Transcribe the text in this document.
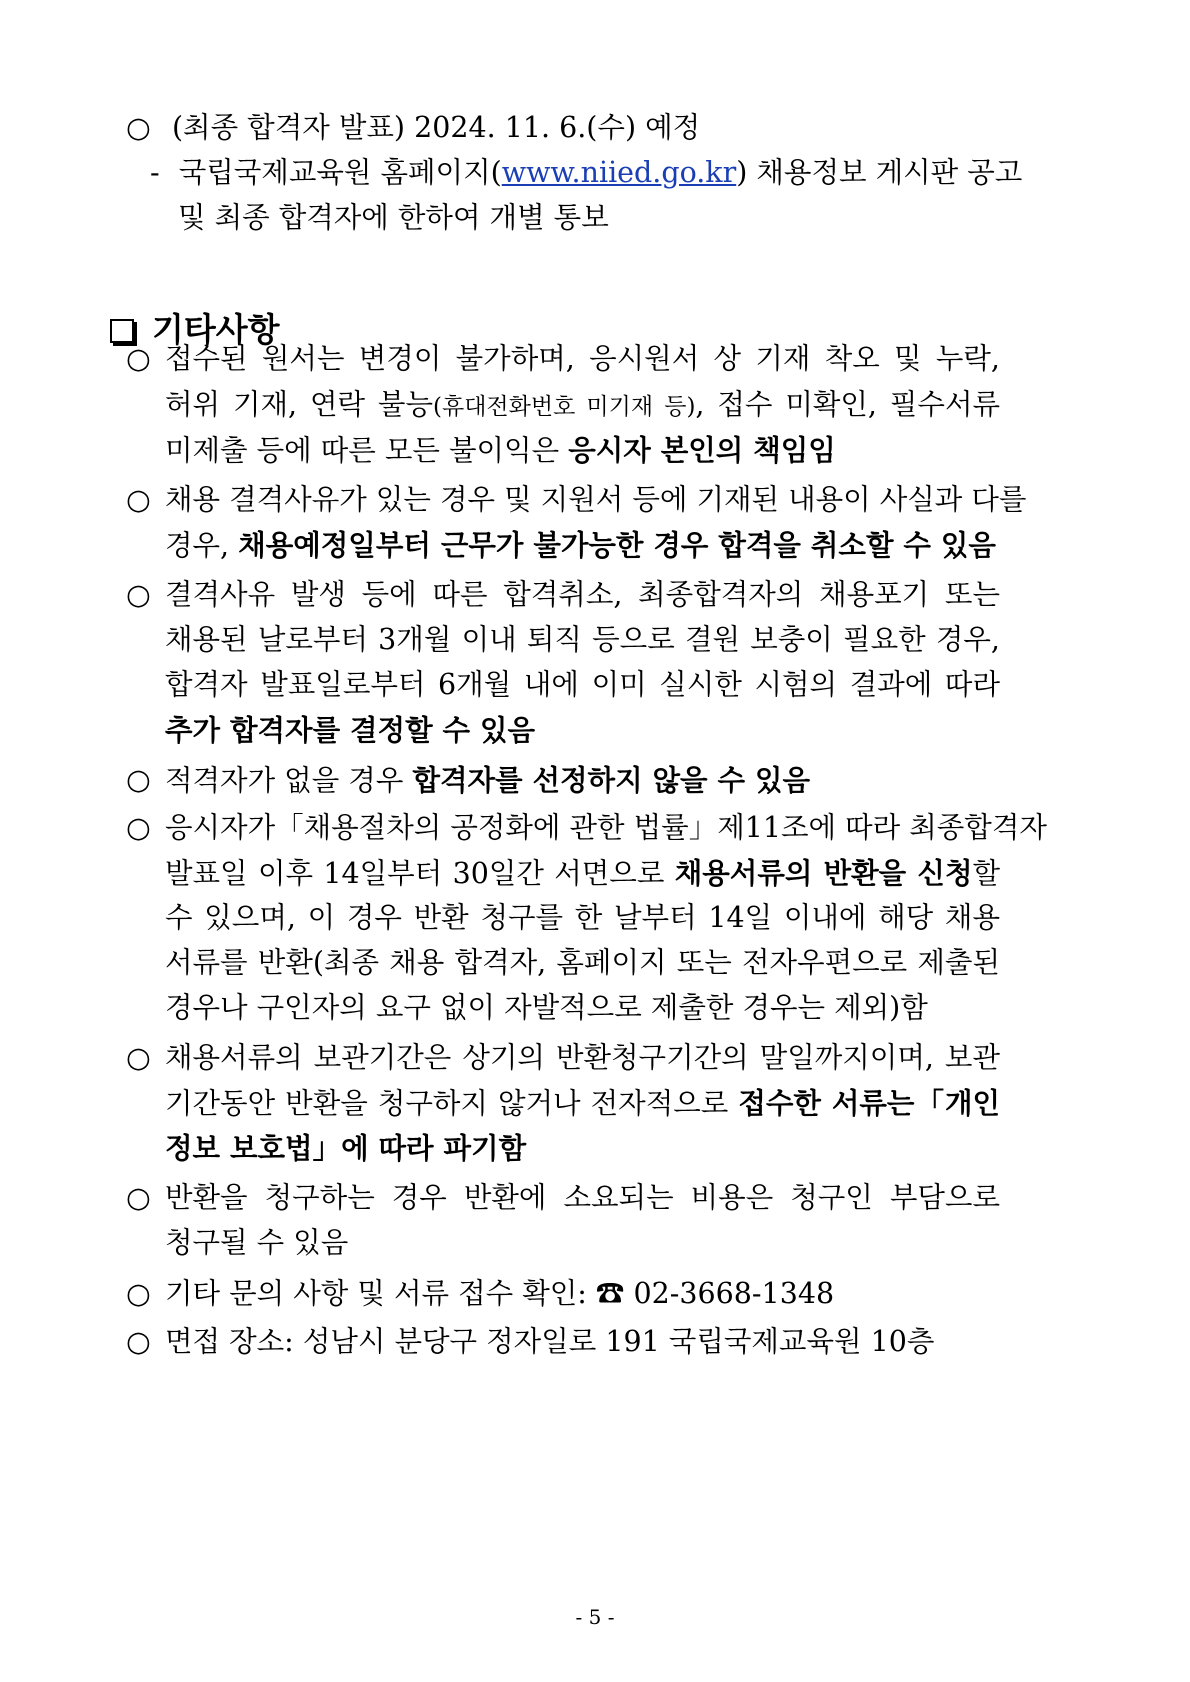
○ (최종 합격자 발표) 2024. 11. 6.(수) 예정
- 국립국제교육원 홈페이지(www.niied.go.kr) 채용정보 게시판 공고
및 최종 합격자에 한하여 개별 통보
기타사항
○
○
○
○
○
○
○
○
○
접수된 원서는 변경이 불가하며, 응시원서 상 기재 착오 및 누락,
허위 기재, 연락 불능(휴대전화번호 미기재 등), 접수 미확인, 필수서류
미제출 등에 따른 모든 불이익은 응시자 본인의 책임임
채용 결격사유가 있는 경우 및 지원서 등에 기재된 내용이 사실과 다를
경우, 채용예정일부터 근무가 불가능한 경우 합격을 취소할 수 있음
결격사유 발생 등에 따른 합격취소, 최종합격자의 채용포기 또는
채용된 날로부터 3개월 이내 퇴직 등으로 결원 보충이 필요한 경우,
합격자 발표일로부터 6개월 내에 이미 실시한 시험의 결과에 따라
추가 합격자를 결정할 수 있음
적격자가 없을 경우 합격자를 선정하지 않을 수 있음
응시자가「채용절차의 공정화에 관한 법률」제11조에 따라 최종합격자
발표일 이후 14일부터 30일간 서면으로 채용서류의 반환을 신청할
수 있으며, 이 경우 반환 청구를 한 날부터 14일 이내에 해당 채용
서류를 반환(최종 채용 합격자, 홈페이지 또는 전자우편으로 제출된
경우나 구인자의 요구 없이 자발적으로 제출한 경우는 제외)함
채용서류의 보관기간은 상기의 반환청구기간의 말일까지이며, 보관
기간동안 반환을 청구하지 않거나 전자적으로 접수한 서류는「개인
정보 보호법」에 따라 파기함
반환을 청구하는 경우 반환에 소요되는 비용은 청구인 부담으로
청구될 수 있음
기타 문의 사항 및 서류 접수 확인: ☎ 02-3668-1348
면접 장소: 성남시 분당구 정자일로 191 국립국제교육원 10층
- 5 -
